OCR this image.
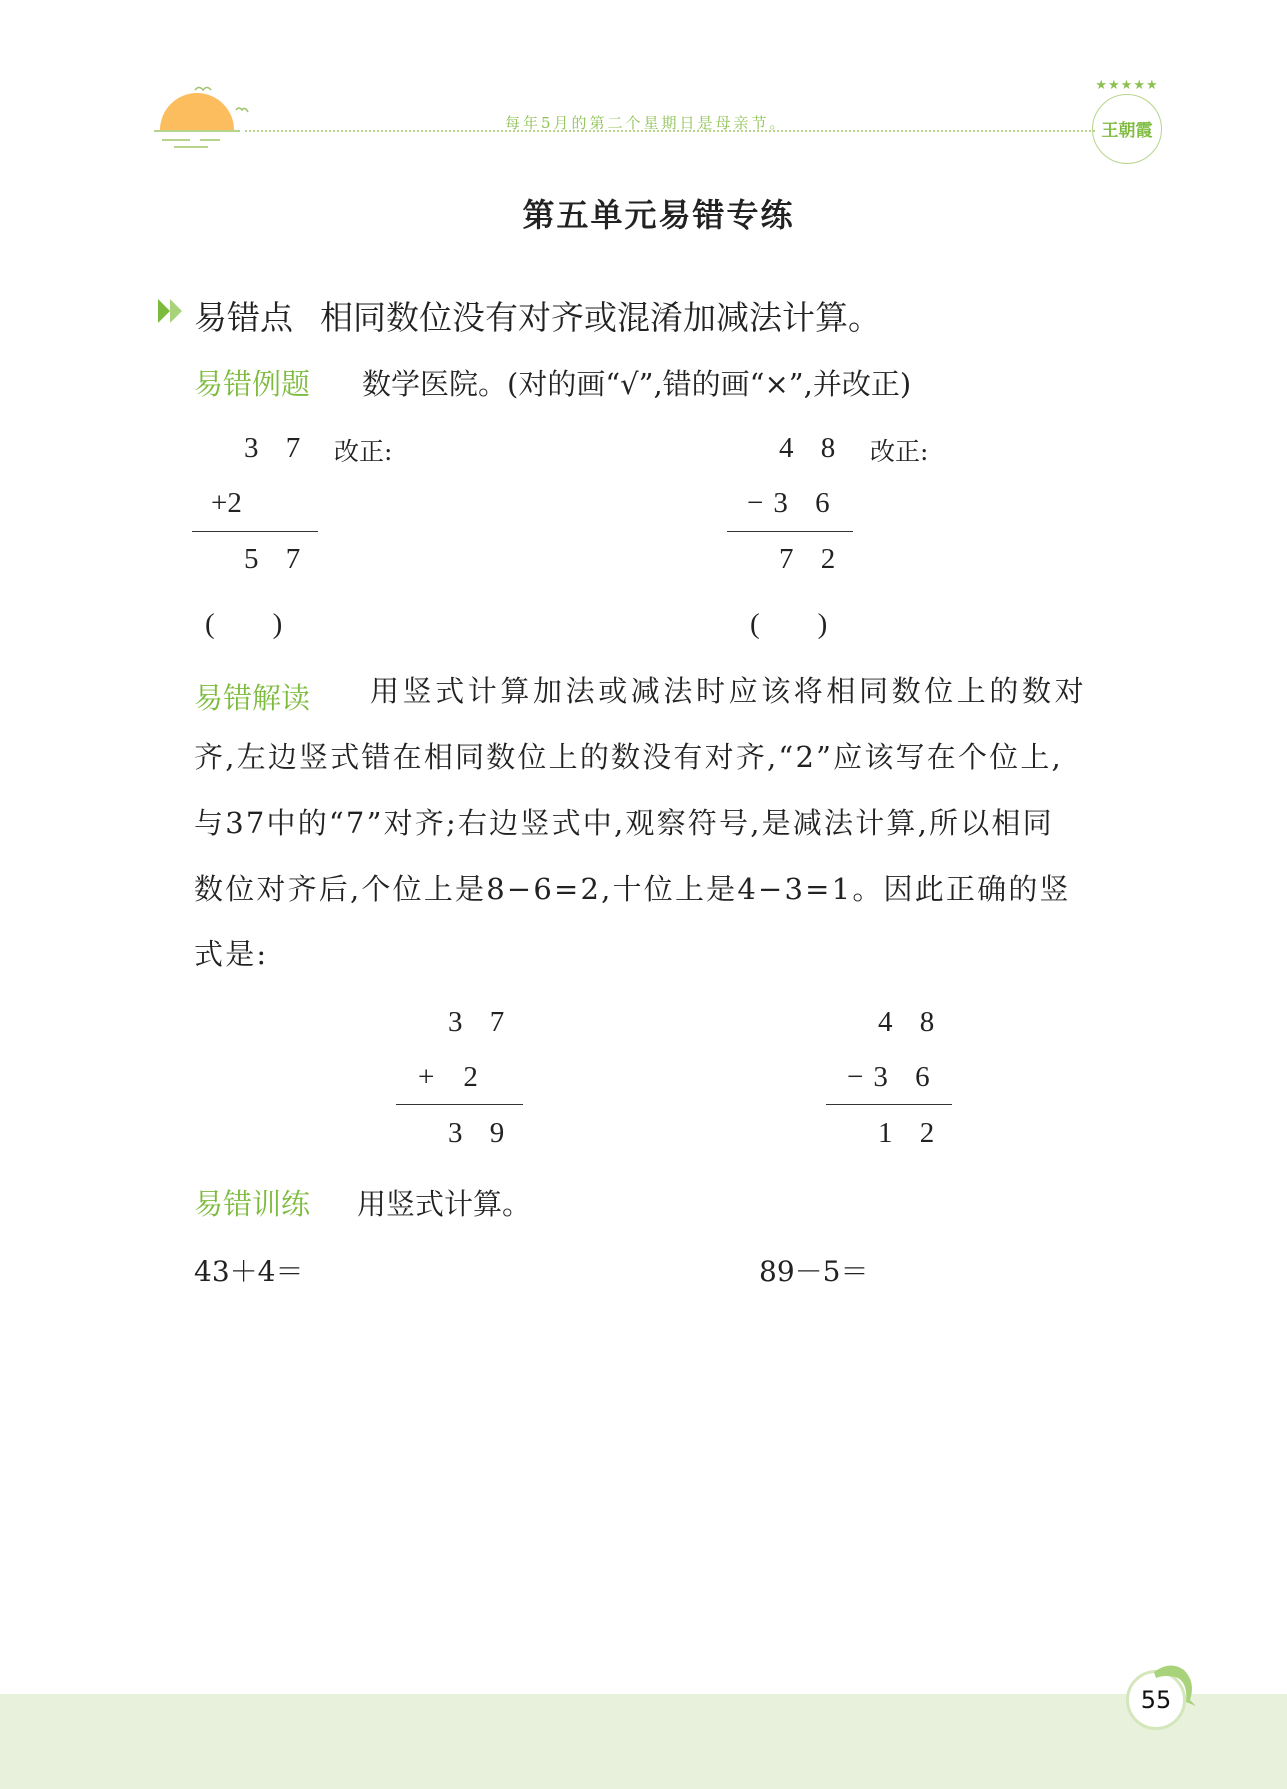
每年5月的第二个星期日是母亲节。
★★★★★
王朝霞
第五单元易错专练
易错点 相同数位没有对齐或混淆加减法计算。
易错例题 数学医院。(对的画“√”,错的画“×”,并改正)
3 7
+2
5 7
(　　)
改正:	4 8
−3 6
7 2
(　　)
改正:
易错解读 用竖式计算加法或减法时应该将相同数位上的数对
齐,左边竖式错在相同数位上的数没有对齐,“2”应该写在个位上,
与37中的“7”对齐;右边竖式中,观察符号,是减法计算,所以相同
数位对齐后,个位上是8−6=2,十位上是4−3=1。因此正确的竖
式是:
3 7
+　2
3 9
4 8
−3 6
1 2
易错训练 用竖式计算。
43＋4＝	89－5＝
55
